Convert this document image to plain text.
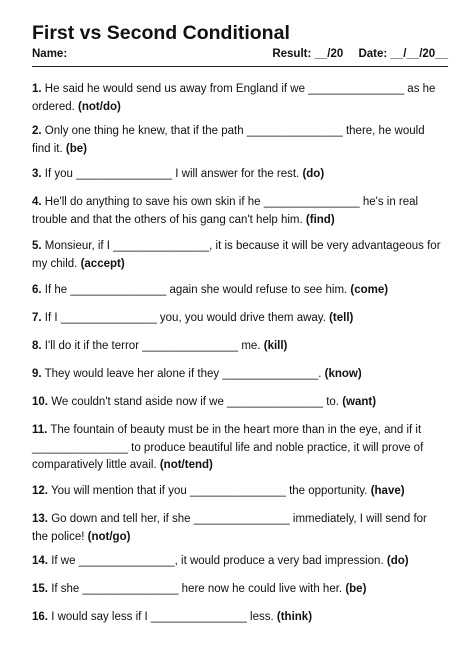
First vs Second Conditional
Name:	Result: __/20 Date: __/__/20__
1. He said he would send us away from England if we _______________ as he ordered. (not/do)
2. Only one thing he knew, that if the path _______________ there, he would find it. (be)
3. If you _______________ I will answer for the rest. (do)
4. He'll do anything to save his own skin if he _______________ he's in real trouble and that the others of his gang can't help him. (find)
5. Monsieur, if I _______________, it is because it will be very advantageous for my child. (accept)
6. If he _______________ again she would refuse to see him. (come)
7. If I _______________ you, you would drive them away. (tell)
8. I'll do it if the terror _______________ me. (kill)
9. They would leave her alone if they _______________. (know)
10. We couldn't stand aside now if we _______________ to. (want)
11. The fountain of beauty must be in the heart more than in the eye, and if it _______________ to produce beautiful life and noble practice, it will prove of comparatively little avail. (not/tend)
12. You will mention that if you _______________ the opportunity. (have)
13. Go down and tell her, if she _______________ immediately, I will send for the police! (not/go)
14. If we _______________, it would produce a very bad impression. (do)
15. If she _______________ here now he could live with her. (be)
16. I would say less if I _______________ less. (think)
